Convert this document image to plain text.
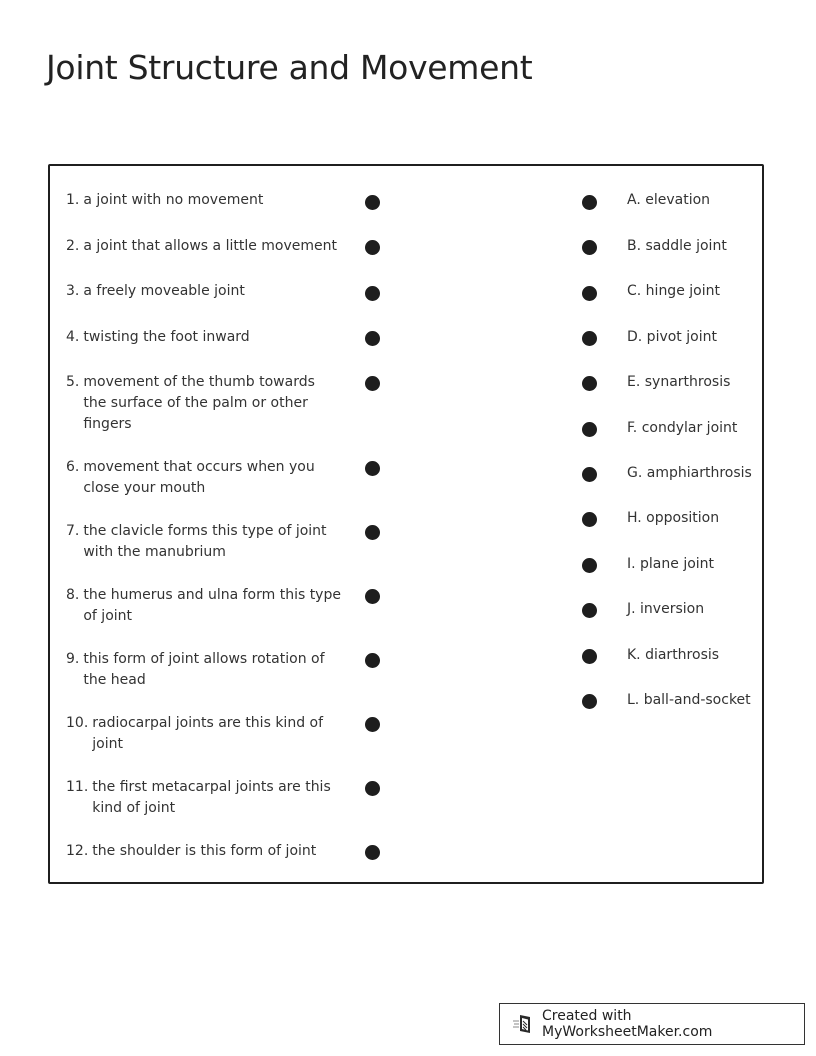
Joint Structure and Movement
1. a joint with no movement
2. a joint that allows a little movement
3. a freely moveable joint
4. twisting the foot inward
5. movement of the thumb towards the surface of the palm or other fingers
6. movement that occurs when you close your mouth
7. the clavicle forms this type of joint with the manubrium
8. the humerus and ulna form this type of joint
9. this form of joint allows rotation of the head
10. radiocarpal joints are this kind of joint
11. the first metacarpal joints are this kind of joint
12. the shoulder is this form of joint
A. elevation
B. saddle joint
C. hinge joint
D. pivot joint
E. synarthrosis
F. condylar joint
G. amphiarthrosis
H. opposition
I. plane joint
J. inversion
K. diarthrosis
L. ball-and-socket
Created with MyWorksheetMaker.com
